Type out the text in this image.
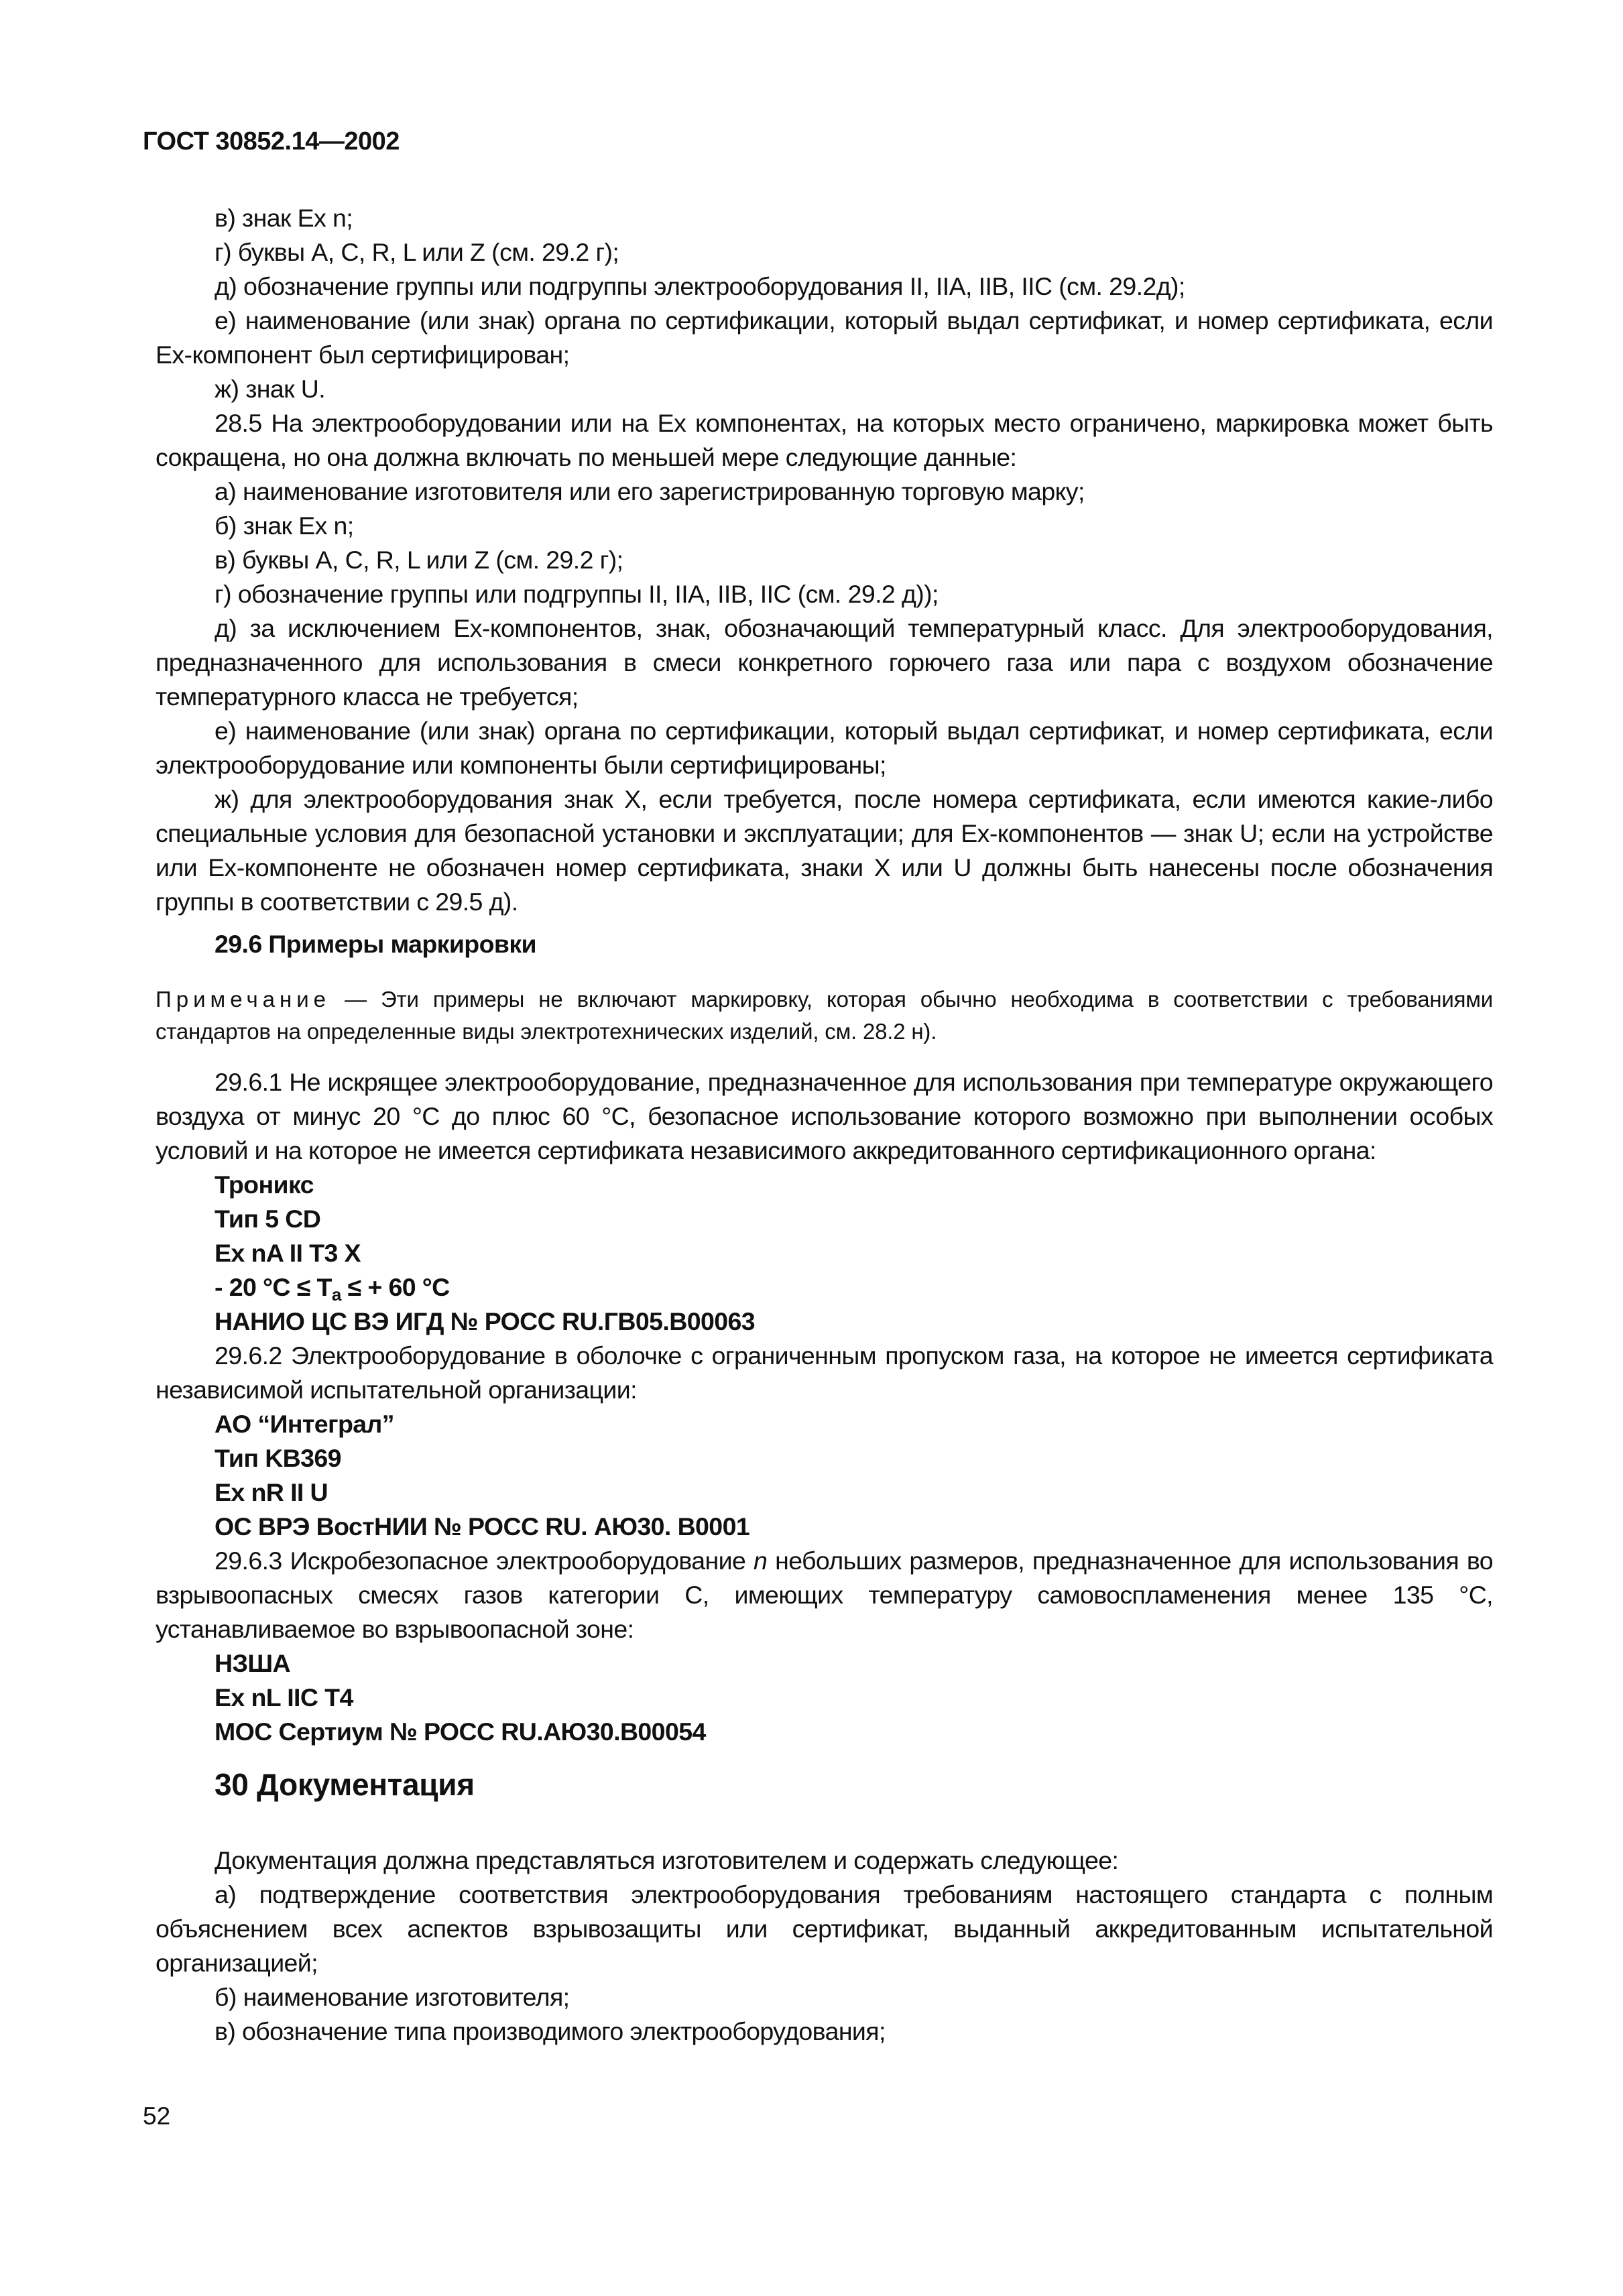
ГОСТ 30852.14—2002

в) знак Ex n;

г) буквы A, C, R, L или Z (см. 29.2 г);

д) обозначение группы или подгруппы электрооборудования II, IIA, IIB, IIC (см. 29.2д);

е) наименование (или знак) органа по сертификации, который выдал сертификат, и номер сертификата, если Ex-компонент был сертифицирован;

ж) знак U.

28.5 На электрооборудовании или на Ex компонентах, на которых место ограничено, маркировка может быть сокращена, но она должна включать по меньшей мере следующие данные:

а) наименование изготовителя или его зарегистрированную торговую марку;

б) знак Ex n;

в) буквы A, C, R, L или Z (см. 29.2 г);

г) обозначение группы или подгруппы II, IIA, IIB, IIC (см. 29.2 д));

д) за исключением Ex-компонентов, знак, обозначающий температурный класс. Для электрооборудования, предназначенного для использования в смеси конкретного горючего газа или пара с воздухом обозначение температурного класса не требуется;

е) наименование (или знак) органа по сертификации, который выдал сертификат, и номер сертификата, если электрооборудование или компоненты были сертифицированы;

ж) для электрооборудования знак X, если требуется, после номера сертификата, если имеются какие-либо специальные условия для безопасной установки и эксплуатации; для Ex-компонентов — знак U; если на устройстве или Ex-компоненте не обозначен номер сертификата, знаки X или U должны быть нанесены после обозначения группы в соответствии с 29.5 д).

29.6 Примеры маркировки

Примечание — Эти примеры не включают маркировку, которая обычно необходима в соответствии с требованиями стандартов на определенные виды электротехнических изделий, см. 28.2 н).

29.6.1 Не искрящее электрооборудование, предназначенное для использования при температуре окружающего воздуха от минус 20 °С до плюс 60 °С, безопасное использование которого возможно при выполнении особых условий и на которое не имеется сертификата независимого аккредитованного сертификационного органа:

Троникс
Тип 5 CD
Ex nA II T3 X
- 20 $^\circ C \le T_a$ ≤ + 60 °C
НАНИО ЦС ВЭ ИГД № РОСС RU.ГВ05.B00063

29.6.2 Электрооборудование в оболочке с ограниченным пропуском газа, на которое не имеется сертификата независимой испытательной организации:

АО “Интеграл”
Тип KB369
Ex nR II U
ОС ВРЭ ВостНИИ № РОСС RU. АЮ30. B0001

29.6.3 Искробезопасное электрооборудование n небольших размеров, предназначенное для использования во взрывоопасных смесях газов категории С, имеющих температуру самовоспламенения менее 135 °С, устанавливаемое во взрывоопасной зоне:

НЗША
Ex nL IIC T4
МОС Сертиум № РОСС RU.АЮ30.B00054
30 Документация

Документация должна представляться изготовителем и содержать следующее:

а) подтверждение соответствия электрооборудования требованиям настоящего стандарта с полным объяснением всех аспектов взрывозащиты или сертификат, выданный аккредитованным испытательной организацией;

б) наименование изготовителя;

в) обозначение типа производимого электрооборудования;

52
